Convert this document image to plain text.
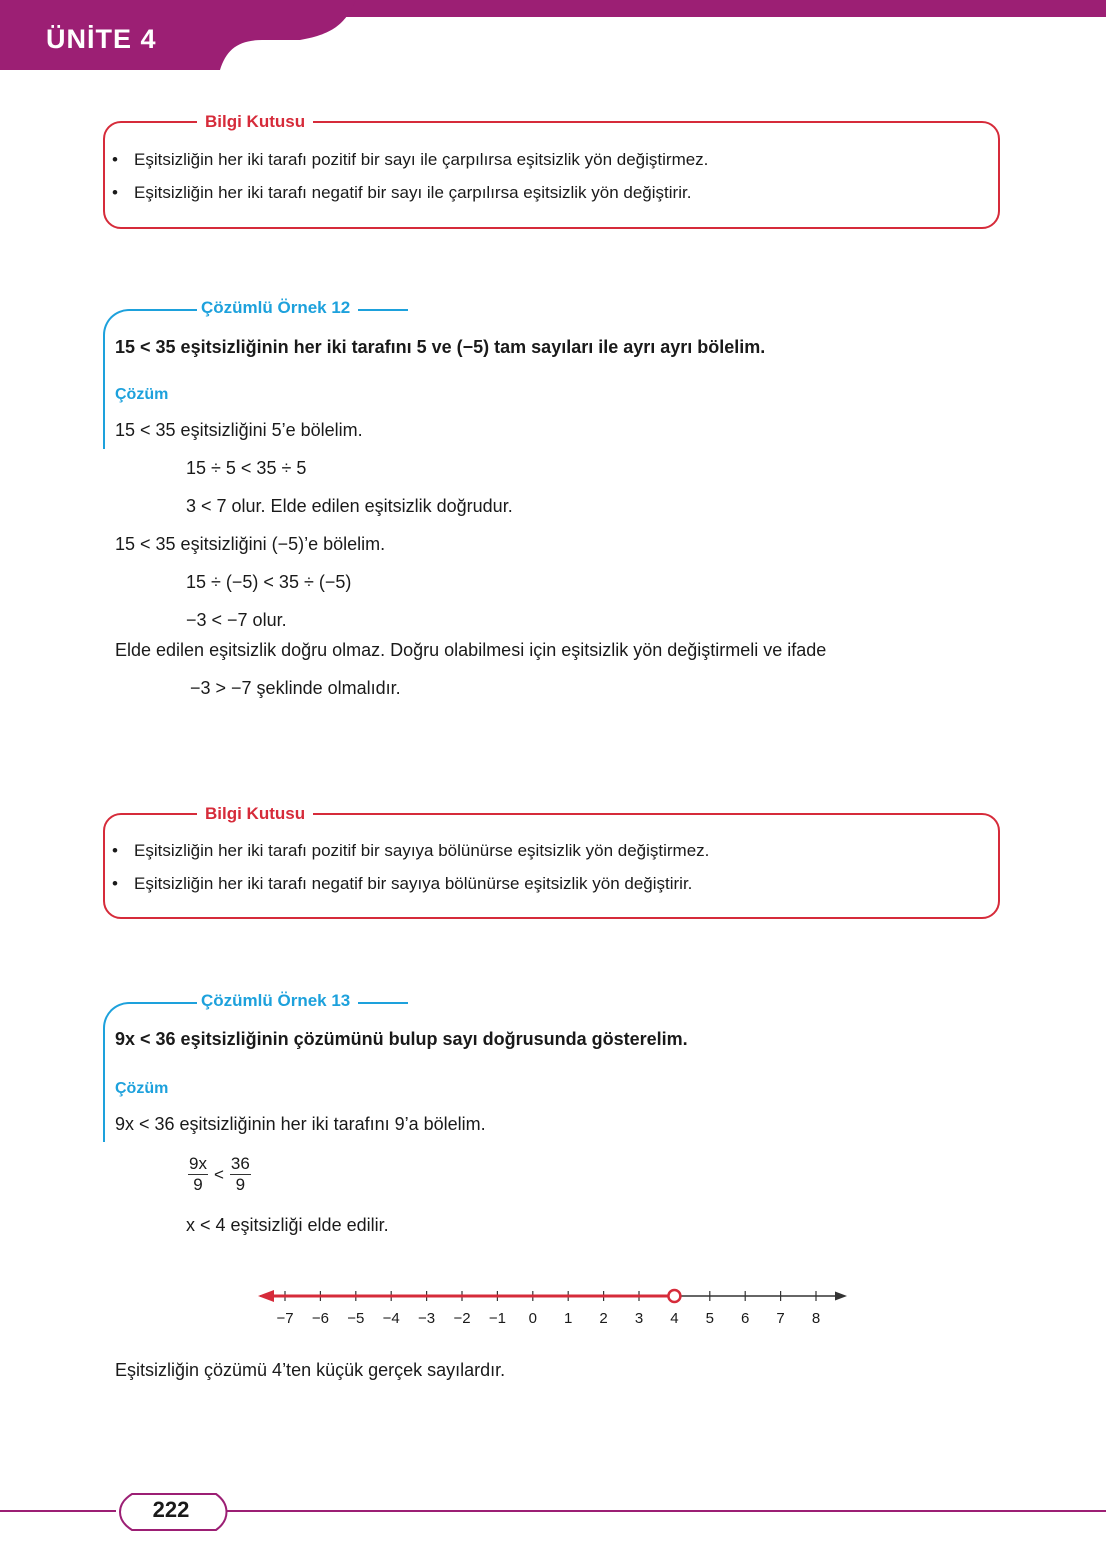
ÜNİTE 4
Bilgi Kutusu
• Eşitsizliğin her iki tarafı pozitif bir sayı ile çarpılırsa eşitsizlik yön değiştirmez.
• Eşitsizliğin her iki tarafı negatif bir sayı ile çarpılırsa eşitsizlik yön değiştirir.
Çözümlü Örnek 12
15 < 35 eşitsizliğinin her iki tarafını 5 ve (−5) tam sayıları ile ayrı ayrı bölelim.
Çözüm
15 < 35 eşitsizliğini 5’e bölelim.
15 ÷ 5 < 35 ÷ 5
3 < 7 olur. Elde edilen eşitsizlik doğrudur.
15 < 35 eşitsizliğini (−5)’e bölelim.
15 ÷ (−5) < 35 ÷ (−5)
−3 < −7 olur.
Elde edilen eşitsizlik doğru olmaz. Doğru olabilmesi için eşitsizlik yön değiştirmeli ve ifade
−3 > −7 şeklinde olmalıdır.
Bilgi Kutusu
• Eşitsizliğin her iki tarafı pozitif bir sayıya bölünürse eşitsizlik yön değiştirmez.
• Eşitsizliğin her iki tarafı negatif bir sayıya bölünürse eşitsizlik yön değiştirir.
Çözümlü Örnek 13
9x < 36 eşitsizliğinin çözümünü bulup sayı doğrusunda gösterelim.
Çözüm
9x < 36 eşitsizliğinin her iki tarafını 9’a bölelim.
$\frac{9x}{9} < \frac{36}{9}$
x < 4 eşitsizliği elde edilir.
−7 −6 −5 −4 −3 −2 −1 0 1 2 3 4 5 6 7 8
Eşitsizliğin çözümü 4’ten küçük gerçek sayılardır.
222
